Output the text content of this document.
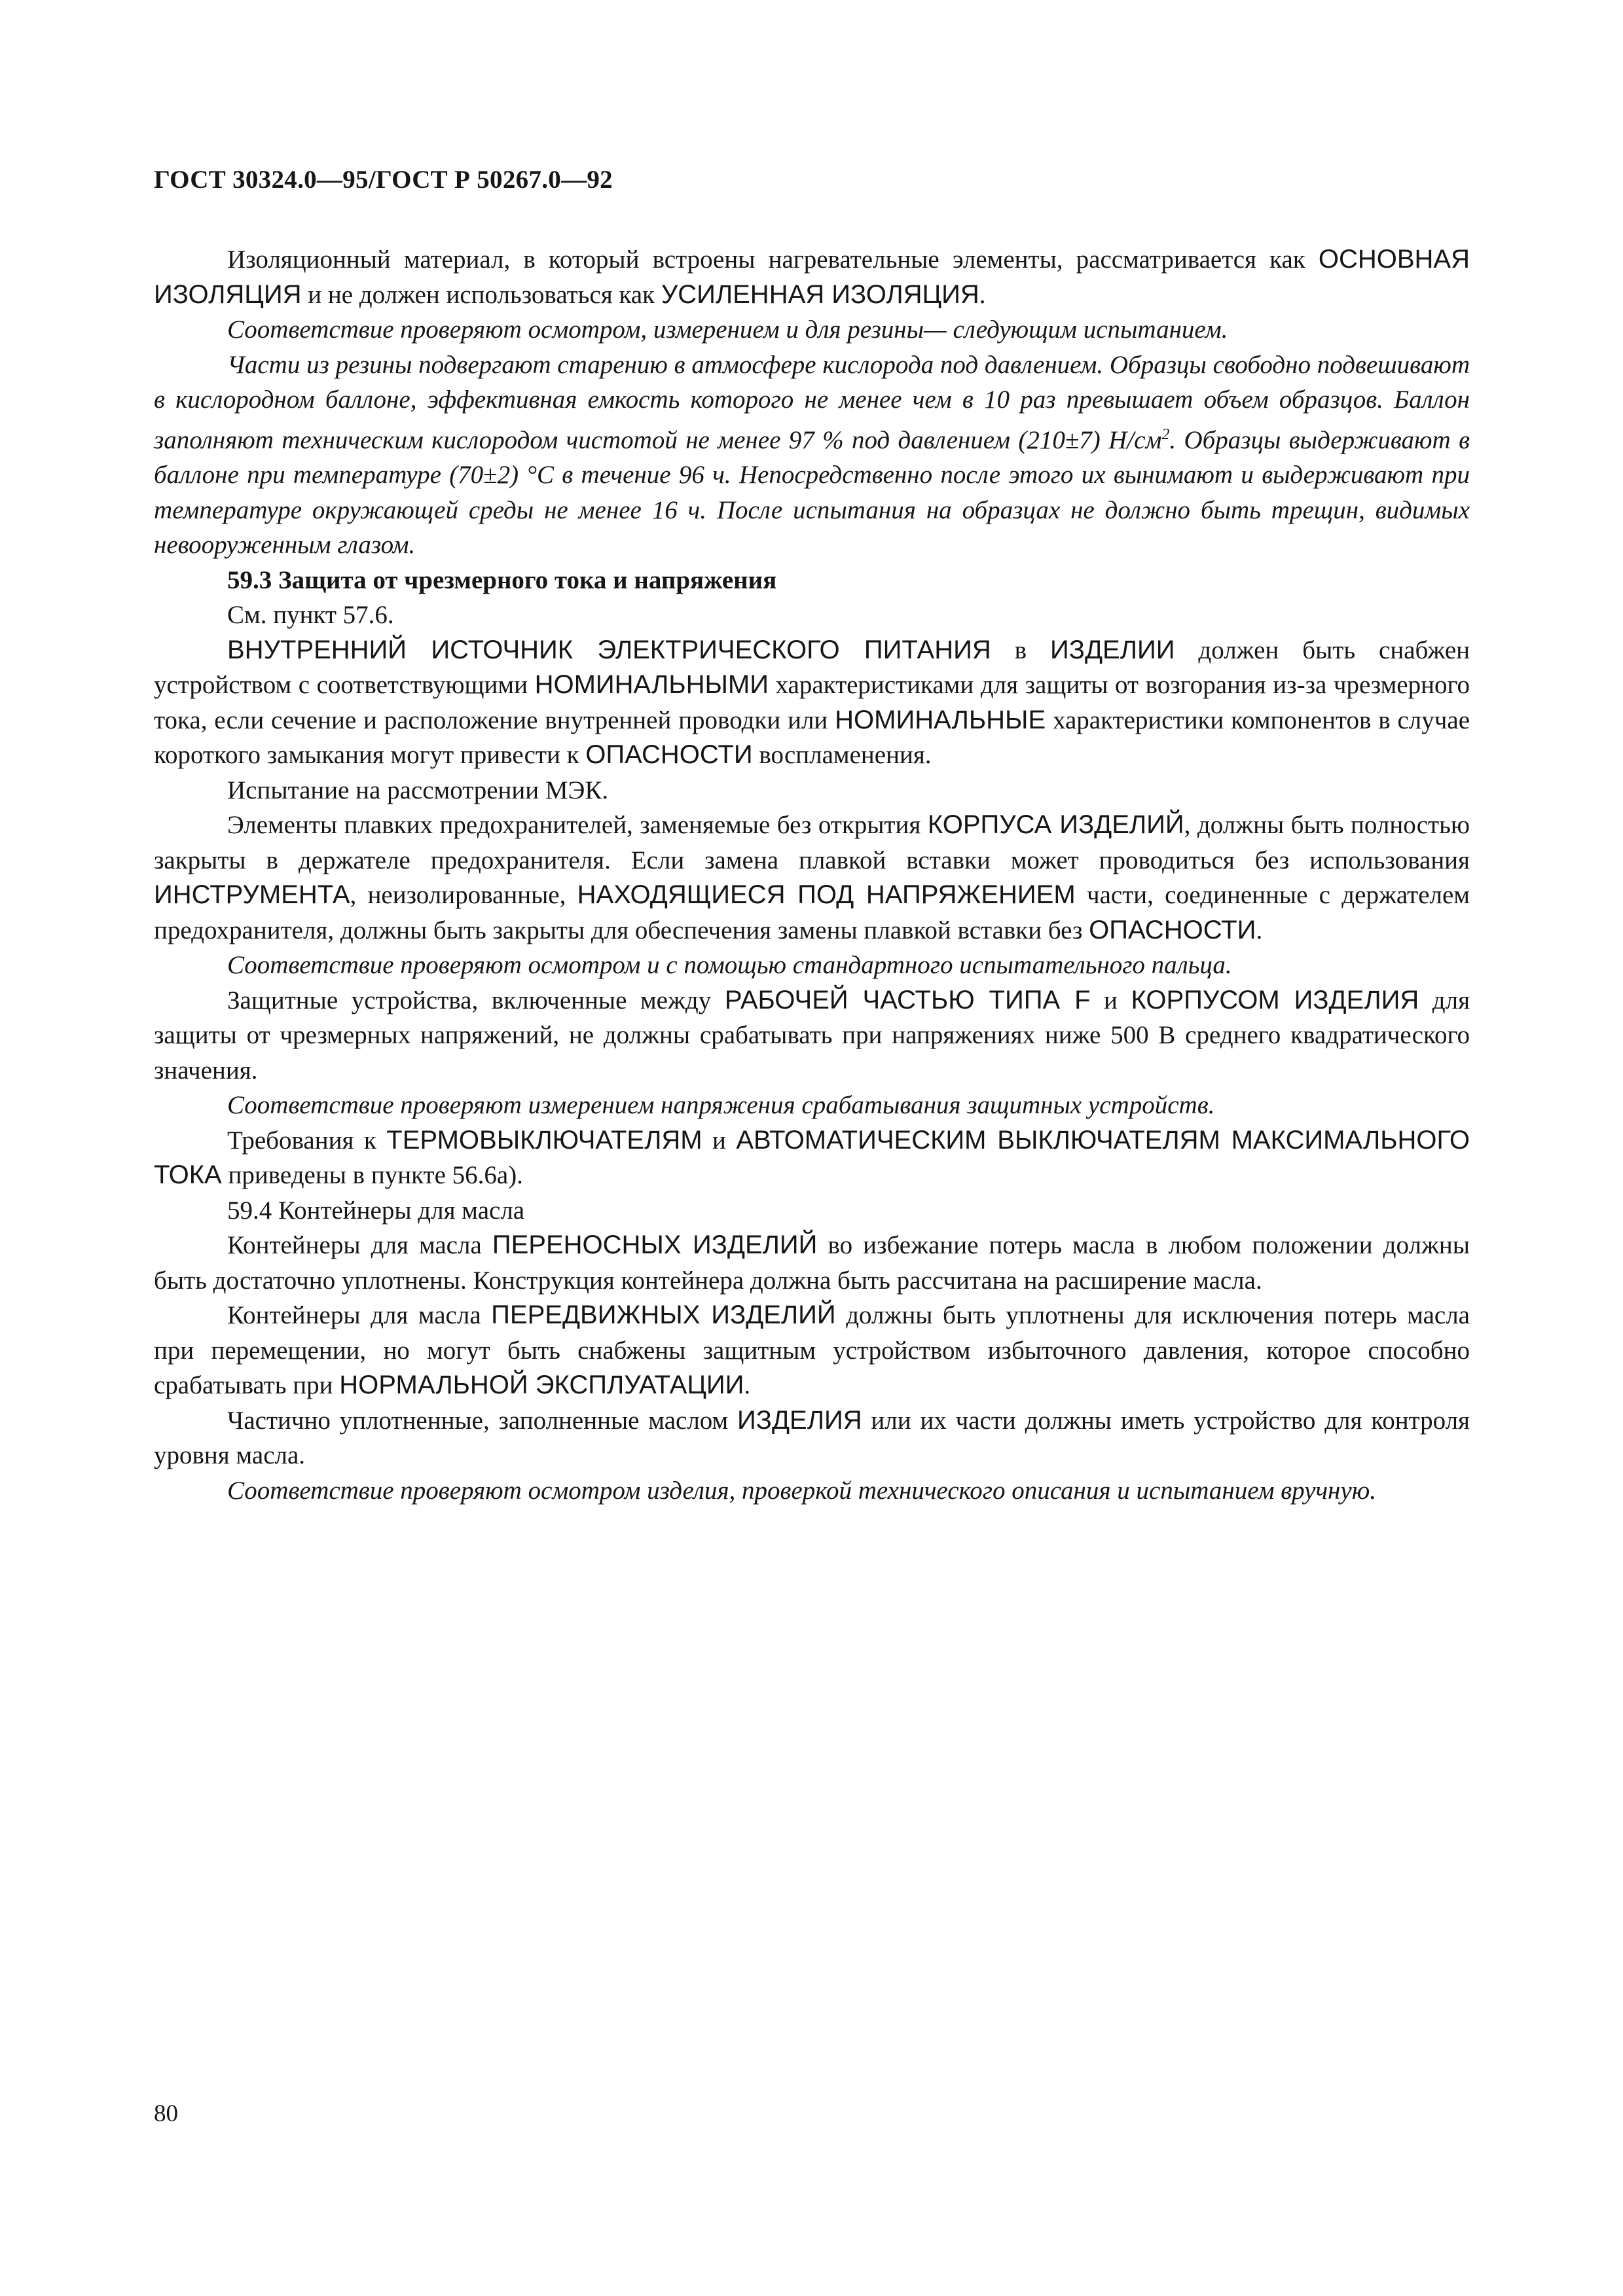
ГОСТ 30324.0—95/ГОСТ Р 50267.0—92

Изоляционный материал, в который встроены нагревательные элементы, рассматривается как ОСНОВНАЯ ИЗОЛЯЦИЯ и не должен использоваться как УСИЛЕННАЯ ИЗОЛЯЦИЯ.

Соответствие проверяют осмотром, измерением и для резины— следующим испытанием.

Части из резины подвергают старению в атмосфере кислорода под давлением. Образцы свободно подвешивают в кислородном баллоне, эффективная емкость которого не менее чем в 10 раз превышает объем образцов. Баллон заполняют техническим кислородом чистотой не менее 97 % под давлением (210±7) $Н/см^2$. Образцы выдерживают в баллоне при температуре (70±2) °С в течение 96 ч. Непосредственно после этого их вынимают и выдерживают при температуре окружающей среды не менее 16 ч. После испытания на образцах не должно быть трещин, видимых невооруженным глазом.

59.3 Защита от чрезмерного тока и напряжения

См. пункт 57.6.

ВНУТРЕННИЙ ИСТОЧНИК ЭЛЕКТРИЧЕСКОГО ПИТАНИЯ в ИЗДЕЛИИ должен быть снабжен устройством с соответствующими НОМИНАЛЬНЫМИ характеристиками для защиты от возгорания из-за чрезмерного тока, если сечение и расположение внутренней проводки или НОМИНАЛЬНЫЕ характеристики компонентов в случае короткого замыкания могут привести к ОПАСНОСТИ воспламенения.

Испытание на рассмотрении МЭК.

Элементы плавких предохранителей, заменяемые без открытия КОРПУСА ИЗДЕЛИЙ, должны быть полностью закрыты в держателе предохранителя. Если замена плавкой вставки может проводиться без использования ИНСТРУМЕНТА, неизолированные, НАХОДЯЩИЕСЯ ПОД НАПРЯЖЕНИЕМ части, соединенные с держателем предохранителя, должны быть закрыты для обеспечения замены плавкой вставки без ОПАСНОСТИ.

Соответствие проверяют осмотром и с помощью стандартного испытательного пальца.

Защитные устройства, включенные между РАБОЧЕЙ ЧАСТЬЮ ТИПА F и КОРПУСОМ ИЗДЕЛИЯ для защиты от чрезмерных напряжений, не должны срабатывать при напряжениях ниже 500 В среднего квадратического значения.

Соответствие проверяют измерением напряжения срабатывания защитных устройств.

Требования к ТЕРМОВЫКЛЮЧАТЕЛЯМ и АВТОМАТИЧЕСКИМ ВЫКЛЮЧАТЕЛЯМ МАКСИМАЛЬНОГО ТОКА приведены в пункте 56.6а).

59.4 Контейнеры для масла

Контейнеры для масла ПЕРЕНОСНЫХ ИЗДЕЛИЙ во избежание потерь масла в любом положении должны быть достаточно уплотнены. Конструкция контейнера должна быть рассчитана на расширение масла.

Контейнеры для масла ПЕРЕДВИЖНЫХ ИЗДЕЛИЙ должны быть уплотнены для исключения потерь масла при перемещении, но могут быть снабжены защитным устройством избыточного давления, которое способно срабатывать при НОРМАЛЬНОЙ ЭКСПЛУАТАЦИИ.

Частично уплотненные, заполненные маслом ИЗДЕЛИЯ или их части должны иметь устройство для контроля уровня масла.

Соответствие проверяют осмотром изделия, проверкой технического описания и испытанием вручную.

80
